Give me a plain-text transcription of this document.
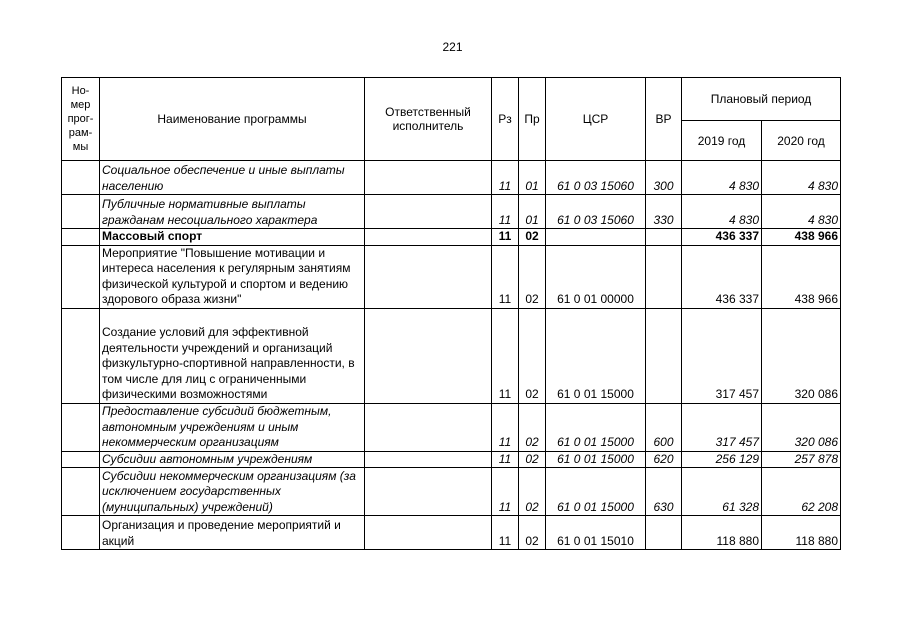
221
Но-мер прог-рам-мы	Наименование программы	Ответственный исполнитель	Рз	Пр	ЦСР	ВР	Плановый период	
							2019 год	2020 год
	Социальное обеспечение и иные выплаты населению		11	01	61 0 03 15060	300	4 830	4 830
	Публичные нормативные выплаты гражданам несоциального характера		11	01	61 0 03 15060	330	4 830	4 830
	Массовый спорт		11	02			436 337	438 966
	Мероприятие "Повышение мотивации и интереса населения к регулярным занятиям физической культурой и спортом и ведению здорового образа жизни"		11	02	61 0 01 00000		436 337	438 966
	Создание условий для эффективной деятельности учреждений и организаций физкультурно-спортивной направленности, в том числе для лиц с ограниченными физическими возможностями		11	02	61 0 01 15000		317 457	320 086
	Предоставление субсидий бюджетным, автономным учреждениям и иным некоммерческим организациям		11	02	61 0 01 15000	600	317 457	320 086
	Субсидии автономным учреждениям		11	02	61 0 01 15000	620	256 129	257 878
	Субсидии некоммерческим организациям (за исключением государственных (муниципальных) учреждений)		11	02	61 0 01 15000	630	61 328	62 208
	Организация и проведение мероприятий и акций		11	02	61 0 01 15010		118 880	118 880
